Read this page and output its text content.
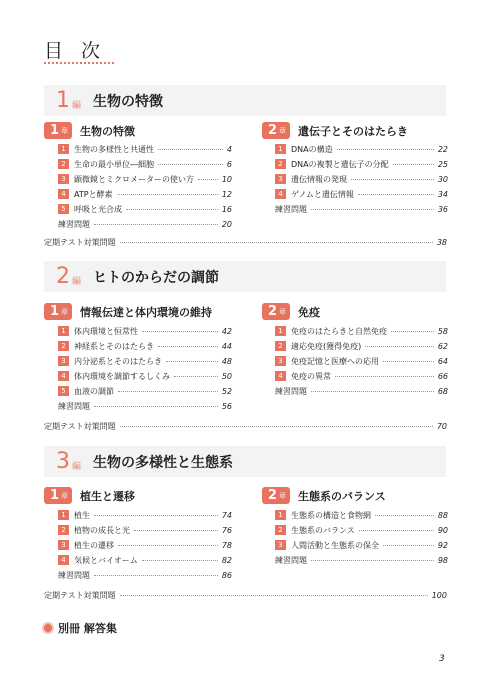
目 次
1 編 生物の特徴
1 章 生物の特徴
1	生物の多様性と共通性	4
2	生命の最小単位―細胞	6
3	顕微鏡とミクロメーターの使い方	10
4	ATPと酵素	12
5	呼吸と光合成	16
練習問題	20
2 章 遺伝子とそのはたらき
1	DNAの構造	22
2	DNAの複製と遺伝子の分配	25
3	遺伝情報の発現	30
4	ゲノムと遺伝情報	34
練習問題	36
定期テスト対策問題	38
2 編 ヒトのからだの調節
1 章 情報伝達と体内環境の維持
1	体内環境と恒常性	42
2	神経系とそのはたらき	44
3	内分泌系とそのはたらき	48
4	体内環境を調節するしくみ	50
5	血液の調節	52
練習問題	56
2 章 免疫
1	免疫のはたらきと自然免疫	58
2	適応免疫(獲得免疫)	62
3	免疫記憶と医療への応用	64
4	免疫の異常	66
練習問題	68
定期テスト対策問題	70
3 編 生物の多様性と生態系
1 章 植生と遷移
1	植生	74
2	植物の成長と光	76
3	植生の遷移	78
4	気候とバイオーム	82
練習問題	86
2 章 生態系のバランス
1	生態系の構造と食物網	88
2	生態系のバランス	90
3	人間活動と生態系の保全	92
練習問題	98
定期テスト対策問題	100
別冊 解答集
3
